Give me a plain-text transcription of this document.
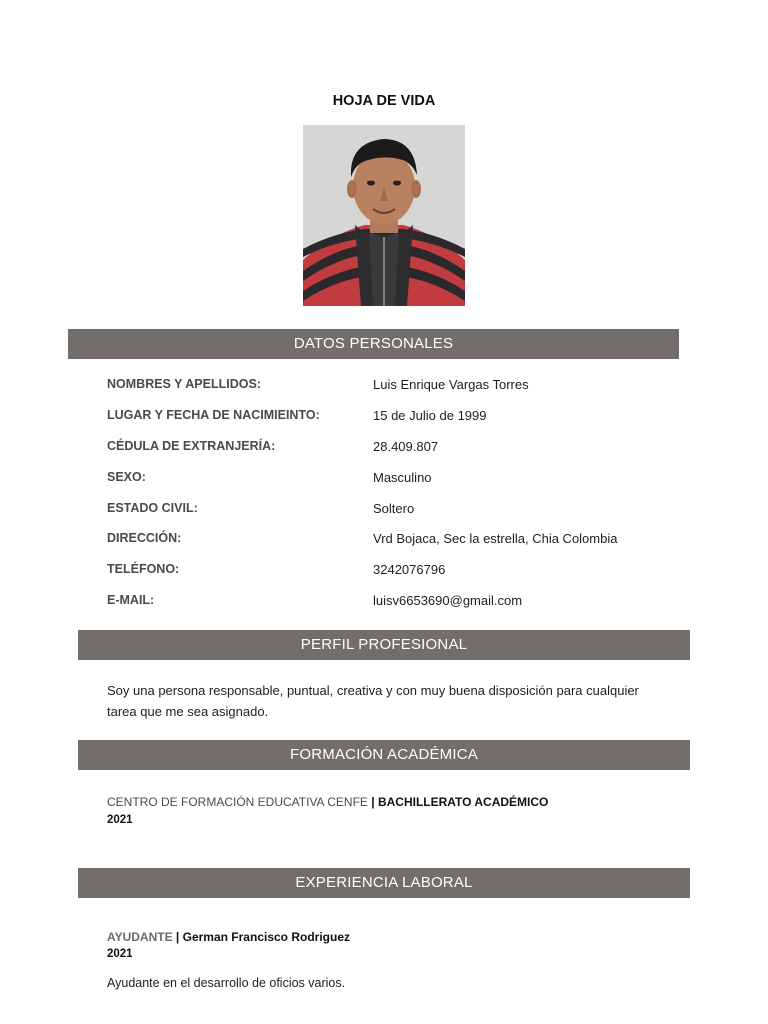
HOJA DE VIDA
DATOS PERSONALES
NOMBRES Y APELLIDOS:	Luis Enrique Vargas Torres
LUGAR Y FECHA DE NACIMIEINTO:	15 de Julio de 1999
CÉDULA DE EXTRANJERÍA:	28.409.807
SEXO:	Masculino
ESTADO CIVIL:	Soltero
DIRECCIÓN:	Vrd Bojaca, Sec la estrella, Chia Colombia
TELÉFONO:	3242076796
E-MAIL:	luisv6653690@gmail.com
PERFIL PROFESIONAL
Soy una persona responsable, puntual, creativa y con muy buena disposición para cualquier tarea que me sea asignado.
FORMACIÓN ACADÉMICA
CENTRO DE FORMACIÓN EDUCATIVA CENFE | BACHILLERATO ACADÉMICO
2021
EXPERIENCIA LABORAL
AYUDANTE | German Francisco Rodriguez
2021
Ayudante en el desarrollo de oficios varios.
